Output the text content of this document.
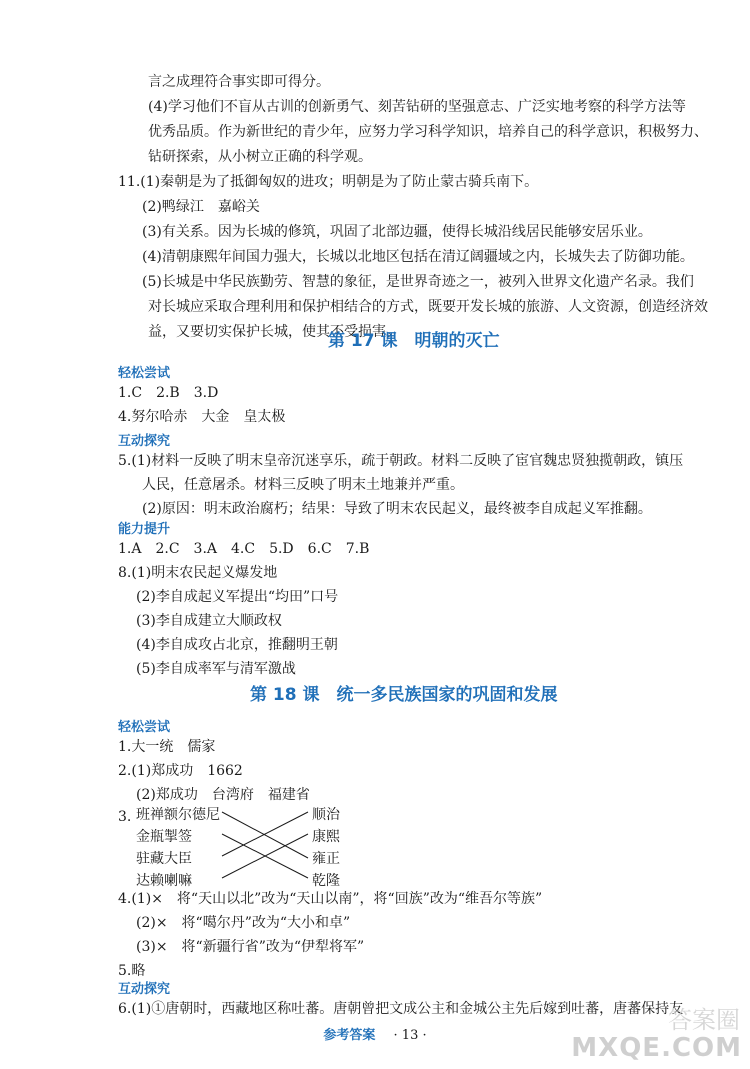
言之成理符合事实即可得分。
(4)学习他们不盲从古训的创新勇气、刻苦钻研的坚强意志、广泛实地考察的科学方法等
优秀品质。作为新世纪的青少年，应努力学习科学知识，培养自己的科学意识，积极努力、
钻研探索，从小树立正确的科学观。
11.(1)秦朝是为了抵御匈奴的进攻；明朝是为了防止蒙古骑兵南下。
(2)鸭绿江　嘉峪关
(3)有关系。因为长城的修筑，巩固了北部边疆，使得长城沿线居民能够安居乐业。
(4)清朝康熙年间国力强大，长城以北地区包括在清辽阔疆域之内，长城失去了防御功能。
(5)长城是中华民族勤劳、智慧的象征，是世界奇迹之一，被列入世界文化遗产名录。我们
对长城应采取合理利用和保护相结合的方式，既要开发长城的旅游、人文资源，创造经济效
益，又要切实保护长城，使其不受损害。
第 17 课　明朝的灭亡
轻松尝试
1.C　2.B　3.D
4.努尔哈赤　大金　皇太极
互动探究
5.(1)材料一反映了明末皇帝沉迷享乐，疏于朝政。材料二反映了宦官魏忠贤独揽朝政，镇压
人民，任意屠杀。材料三反映了明末土地兼并严重。
(2)原因：明末政治腐朽；结果：导致了明末农民起义，最终被李自成起义军推翻。
能力提升
1.A　2.C　3.A　4.C　5.D　6.C　7.B
8.(1)明末农民起义爆发地
(2)李自成起义军提出“均田”口号
(3)李自成建立大顺政权
(4)李自成攻占北京，推翻明王朝
(5)李自成率军与清军激战
第 18 课　统一多民族国家的巩固和发展
轻松尝试
1.大一统　儒家
2.(1)郑成功　1662
(2)郑成功　台湾府　福建省
3. 班禅额尔德尼
金瓶掣签
驻藏大臣
达赖喇嘛
顺治
康熙
雍正
乾隆
4.(1)×　将“天山以北”改为“天山以南”，将“回族”改为“维吾尔等族”
(2)×　将“噶尔丹”改为“大小和卓”
(3)×　将“新疆行省”改为“伊犁将军”
5.略
互动探究
6.(1)①唐朝时，西藏地区称吐蕃。唐朝曾把文成公主和金城公主先后嫁到吐蕃，唐蕃保持友
参考答案 · 13 ·
答案圈
MXQE.COM
